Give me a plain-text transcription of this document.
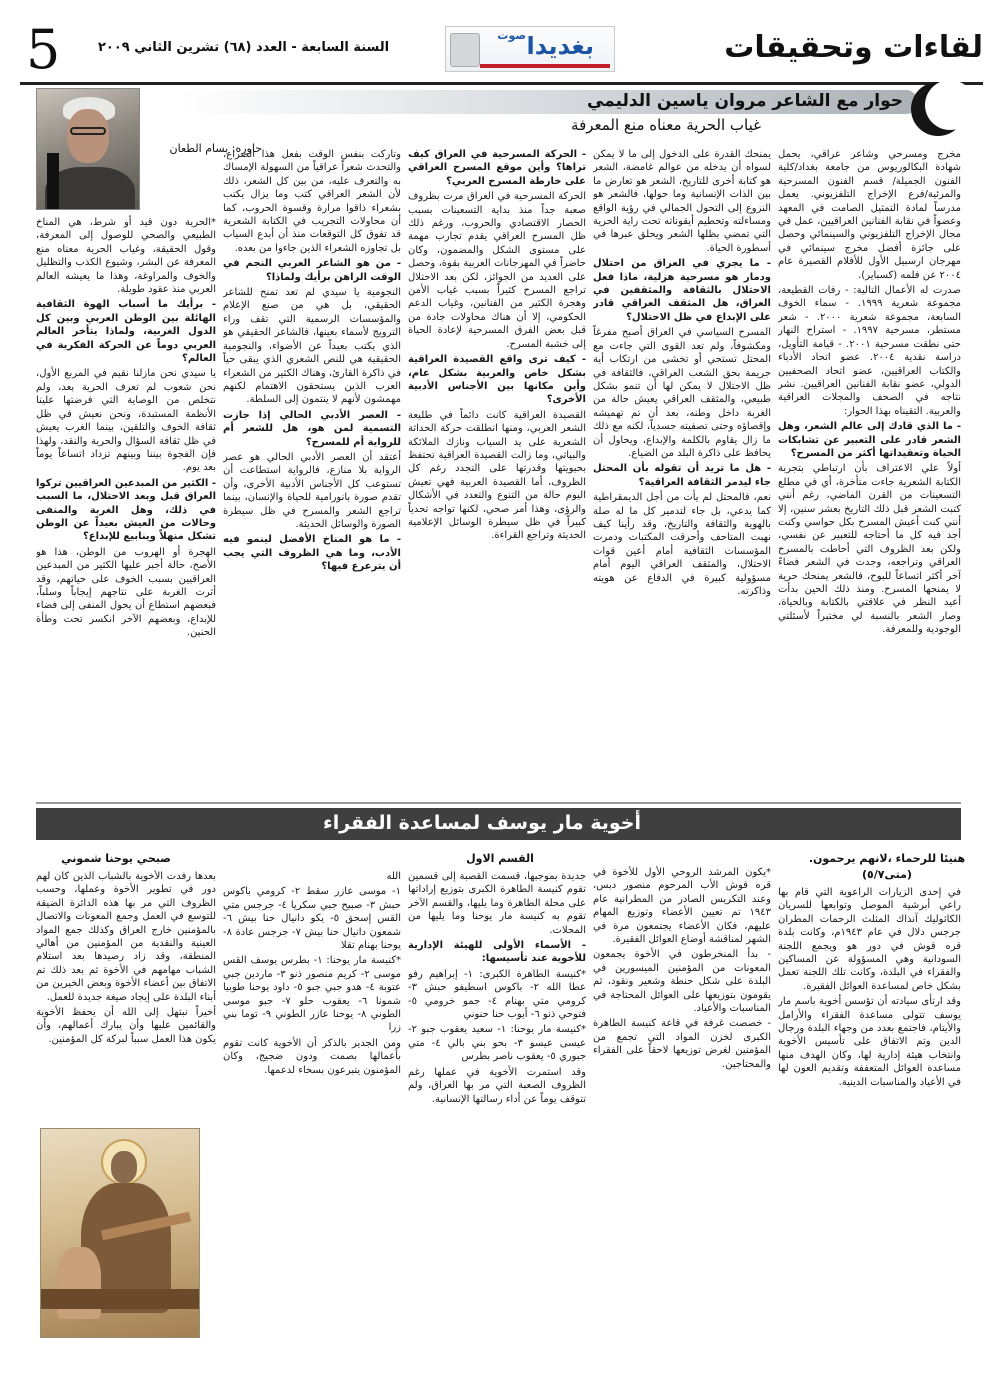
لقاءات وتحقيقات
صوت بغديدا
السنة السابعة - العدد (٦٨) تشرين الثاني ٢٠٠٩
5
حوار مع الشاعر مروان ياسين الدليمي
غياب الحرية معناه منع المعرفة
حاوره: بسام الطعان	مخرج ومسرحي وشاعر عراقي، يحمل شهادة البكالوريوس من جامعة بغداد/كلية الفنون الجميلة/ قسم الفنون المسرحية والمرئية/فرع الإخراج التلفزيوني. يعمل مدرساً لمادة التمثيل الصامت في المعهد وعضواً في نقابة الفنانين العراقيين، عمل في مجال الإخراج التلفزيوني والسينمائي وحصل على جائزة أفضل مخرج سينمائي في مهرجان ارسبيل الأول للأفلام القصيرة عام ٢٠٠٤ عن فلمه (كسباير).

صدرت له الأعمال التالية: - رفات القطيعة، مجموعة شعرية ١٩٩٩. - سماء الخوف السابعة، مجموعة شعرية ٢٠٠٠. - شعر مستطر، مسرحية ١٩٩٧. - استراح النهار حتى نطقت مسرحية ٢٠٠١. - قيامة التأويل، دراسة نقدية ٢٠٠٤. عضو اتحاد الأدباء والكتاب العراقيين، عضو اتحاد الصحفيين الدولي، عضو نقابة الفنانين العراقيين. نشر نتاجه في الصحف والمجلات العراقية والعربية. التقيناه بهذا الحوار:

- ما الذي قادك إلى عالم الشعر، وهل الشعر قادر على التعبير عن تشابكات الحياة وتعقيداتها أكثر من المسرح؟

أولاً علي الاعتراف بأن ارتباطي بتجربة الكتابة الشعرية جاءت متأخرة، أي في مطلع التسعينات من القرن الماضي، رغم أنني كتبت الشعر قبل ذلك التاريخ بعشر سنين، إلا أنني كنت أعيش المسرح بكل حواسي وكنت أجد فيه كل ما أحتاجه للتعبير عن نفسي، ولكن بعد الظروف التي أحاطت بالمسرح العراقي وتراجعه، وجدت في الشعر فضاءً آخر أكثر اتساعاً للبوح، فالشعر يمنحك حرية لا يمنحها المسرح. ومنذ ذلك الحين بدأت أعيد النظر في علاقتي بالكتابة وبالحياة، وصار الشعر بالنسبة لي مختبراً لأسئلتي الوجودية وللمعرفة.

يمنحك القدرة على الدخول إلى ما لا يمكن لسواه أن يدخله من عوالم غامضة، الشعر هو كتابة أخرى للتاريخ، الشعر هو تعارض ما بين الذات الإنسانية وما حولها، فالشعر هو النزوع إلى التحول الجمالي في رؤية الواقع ومساءلته وتحطيم أيقوناته تحت راية الحرية التي تمضي بظلها الشعر ويحلق عبرها في أسطورة الحياة.

- ما يجري في العراق من احتلال ودمار هو مسرحية هزلية، ماذا فعل الاحتلال بالثقافة والمثقفين في العراق، هل المثقف العراقي قادر على الإبداع في ظل الاحتلال؟

المسرح السياسي في العراق أصبح مفرغاً ومكشوفاً، ولم تعد القوى التي جاءت مع المحتل تستحي أو تخشى من ارتكاب أية جريمة بحق الشعب العراقي، فالثقافة في ظل الاحتلال لا يمكن لها أن تنمو بشكل طبيعي، والمثقف العراقي يعيش حالة من الغربة داخل وطنه، بعد أن تم تهميشه وإقصاؤه وحتى تصفيته جسدياً، لكنه مع ذلك ما زال يقاوم بالكلمة والإبداع، ويحاول أن يحافظ على ذاكرة البلد من الضياع.

- هل ما تريد أن تقوله بأن المحتل جاء ليدمر الثقافة العراقية؟

نعم، فالمحتل لم يأت من أجل الديمقراطية كما يدعي، بل جاء لتدمير كل ما له صلة بالهوية والثقافة والتاريخ، وقد رأينا كيف نهبت المتاحف وأحرقت المكتبات ودمرت المؤسسات الثقافية أمام أعين قوات الاحتلال، والمثقف العراقي اليوم أمام مسؤولية كبيرة في الدفاع عن هويته وذاكرته.

- الحركة المسرحية في العراق كيف تراها؟ وأين موقع المسرح العراقي على خارطة المسرح العربي؟

الحركة المسرحية في العراق مرت بظروف صعبة جداً منذ بداية التسعينات بسبب الحصار الاقتصادي والحروب، ورغم ذلك ظل المسرح العراقي يقدم تجارب مهمة على مستوى الشكل والمضمون، وكان حاضراً في المهرجانات العربية بقوة، وحصل على العديد من الجوائز، لكن بعد الاحتلال تراجع المسرح كثيراً بسبب غياب الأمن وهجرة الكثير من الفنانين، وغياب الدعم الحكومي، إلا أن هناك محاولات جادة من قبل بعض الفرق المسرحية لإعادة الحياة إلى خشبة المسرح.

- كيف ترى واقع القصيدة العراقية بشكل خاص والعربية بشكل عام، وأين مكانها بين الأجناس الأدبية الأخرى؟

القصيدة العراقية كانت دائماً في طليعة الشعر العربي، ومنها انطلقت حركة الحداثة الشعرية على يد السياب ونازك الملائكة والبياتي، وما زالت القصيدة العراقية تحتفظ بحيويتها وقدرتها على التجدد رغم كل الظروف، أما القصيدة العربية فهي تعيش اليوم حالة من التنوع والتعدد في الأشكال والرؤى، وهذا أمر صحي، لكنها تواجه تحدياً كبيراً في ظل سيطرة الوسائل الإعلامية الحديثة وتراجع القراءة.

وتاركت بنفس الوقت بفعل هذا الصراع، والتحدث شعراً عراقياً من السهولة الإمساك به والتعرف عليه، من بين كل الشعر، ذلك لأن الشعر العراقي كتب وما يزال يكتب بشعراء ذاقوا مرارة وقسوة الحروب، كما أن محاولات التجريب في الكتابة الشعرية قد تفوق كل التوقعات منذ أن أبدع السياب بل تجاوزه الشعراء الذين جاءوا من بعده.

- من هو الشاعر العربي النجم في الوقت الراهن برأيك ولماذا؟

النجومية يا سيدي لم تعد تمنح للشاعر الحقيقي، بل هي من صنع الإعلام والمؤسسات الرسمية التي تقف وراء الترويج لأسماء بعينها، فالشاعر الحقيقي هو الذي يكتب بعيداً عن الأضواء، والنجومية الحقيقية هي للنص الشعري الذي يبقى حياً في ذاكرة القارئ، وهناك الكثير من الشعراء العرب الذين يستحقون الاهتمام لكنهم مهمشون لأنهم لا ينتمون إلى السلطة.

- العصر الأدبي الحالي إذا جازت التسمية لمن هو، هل للشعر أم للرواية أم للمسرح؟

أعتقد أن العصر الأدبي الحالي هو عصر الرواية بلا منازع، فالرواية استطاعت أن تستوعب كل الأجناس الأدبية الأخرى، وأن تقدم صورة بانورامية للحياة والإنسان، بينما تراجع الشعر والمسرح في ظل سيطرة الصورة والوسائل الحديثة.

- ما هو المناخ الأفضل لينمو فيه الأدب، وما هي الظروف التي يجب أن يترعرع فيها؟

*الحرية دون قيد أو شرط، هي المناخ الطبيعي والصحي للوصول إلى المعرفة، وقول الحقيقة، وغياب الحرية معناه منع المعرفة عن البشر، وشيوع الكذب والتظليل والخوف والمراوغة، وهذا ما يعيشه العالم العربي منذ عقود طويلة.

- برأيك ما أسباب الهوة الثقافية الهائلة بين الوطن العربي وبين كل الدول الغربية، ولماذا يتأخر العالم العربي دوماً عن الحركة الفكرية في العالم؟

يا سيدي نحن مازلنا نقيم في المربع الأول، نحن شعوب لم تعرف الحرية بعد، ولم نتخلص من الوصاية التي فرضتها علينا الأنظمة المستبدة، ونحن نعيش في ظل ثقافة الخوف والتلقين، بينما الغرب يعيش في ظل ثقافة السؤال والحرية والنقد، ولهذا فإن الفجوة بيننا وبينهم تزداد اتساعاً يوماً بعد يوم.

- الكثير من المبدعين العراقيين تركوا العراق قبل وبعد الاحتلال، ما السبب في ذلك، وهل الغربة والمنفى وحالات من العيش بعيداً عن الوطن تشكل منهلاً وينابيع للإبداع؟

الهجرة أو الهروب من الوطن، هذا هو الأصح، حالة أجبر عليها الكثير من المبدعين العراقيين بسبب الخوف على حياتهم، وقد أثرت الغربة على نتاجهم إيجاباً وسلباً، فبعضهم استطاع أن يحول المنفى إلى فضاء للإبداع، وبعضهم الآخر انكسر تحت وطأة الحنين.

أخوية مار يوسف لمساعدة الفقراء
هنيئا للرحماء ،لانهم يرحمون.
(متى٥/٧)
القسم الاول
صبحي يوحنا شموني

في إحدى الزيارات الراعوية التي قام بها راعي أبرشية الموصل وتوابعها للسريان الكاثوليك آنذاك المثلث الرحمات المطران جرجس دلال في عام ١٩٤٣م، وكانت بلدة قره قوش في دور هو ويجمع اللجنة السودانية وهي المسؤولة عن المساكين والفقراء في البلدة، وكانت تلك اللجنة تعمل بشكل خاص لمساعدة العوائل الفقيرة.

وقد ارتأى سيادته أن تؤسس أخوية باسم مار يوسف تتولى مساعدة الفقراء والأرامل والأيتام، فاجتمع بعدد من وجهاء البلدة ورجال الدين وتم الاتفاق على تأسيس الأخوية وانتخاب هيئة إدارية لها، وكان الهدف منها مساعدة العوائل المتعففة وتقديم العون لها في الأعياد والمناسبات الدينية.

*يكون المرشد الروحي الأول للأخوة في قره قوش الأب المرحوم منصور دبس، وعند التكريس الصادر من المطرانية عام ١٩٤٣ تم تعيين الأعضاء وتوزيع المهام عليهم، فكان الأعضاء يجتمعون مرة في الشهر لمناقشة أوضاع العوائل الفقيرة.

- بدأ المنخرطون في الأخوة يجمعون المعونات من المؤمنين الميسورين في البلدة على شكل حنطة وشعير ونقود، ثم يقومون بتوزيعها على العوائل المحتاجة في المناسبات والأعياد.

- خصصت غرفة في قاعة كنيسة الطاهرة الكبرى لخزن المواد التي تجمع من المؤمنين لغرض توزيعها لاحقاً على الفقراء والمحتاجين.

جديدة بموجبها، قسمت القصبة إلى قسمين تقوم كنيسة الطاهرة الكبرى بتوزيع إراداتها على محلة الطاهرة وما يليها، والقسم الآخر تقوم به كنيسة مار يوحنا وما يليها من المحلات.

- الأسماء الأولى للهيئة الإدارية للأخوية عند تأسيسها:

*كنيسة الطاهرة الكبرى: ١- إبراهيم رفو عطا الله ٢- باكوس اسطيفو حبش ٣- كرومي متي بهنام ٤- جمو خرومي ٥- فتوحي ذنو ٦- أيوب حنا حنوني

*كنيسة مار يوحنا: ١- سعيد يعقوب جبو ٢- عيسى عيسو ٣- بحو بني بالي ٤- متي جبوري ٥- يعقوب ناصر بطرس

وقد استمرت الأخوية في عملها رغم الظروف الصعبة التي مر بها العراق، ولم تتوقف يوماً عن أداء رسالتها الإنسانية.

الله

١- موسى عازر سقط ٢- كرومي باكوس حبش ٣- صبيح جبي سكريا ٤- جرجس متي القس إسحق ٥- يكو دانيال حنا بيش ٦- شمعون دانيال حنا بيش ٧- جرجس عادة ٨- يوحنا بهنام تقلا

*كنيسة مار يوحنا: ١- بطرس يوسف القس موسى ٢- كريم منصور ذنو ٣- ماردين جبي عتوبة ٤- هدو جبي جبو ٥- داود يوحنا طوبيا شمونا ٦- يعقوب حلو ٧- جبو موسى الطوني ٨- يوحنا عازر الطوني ٩- توما بني زرا

ومن الجدير بالذكر أن الأخوية كانت تقوم بأعمالها بصمت ودون ضجيج، وكان المؤمنون يتبرعون بسخاء لدعمها.

بعدها رفدت الأخوية بالشباب الذين كان لهم دور في تطوير الأخوة وعملها، وحسب الظروف التي مر بها هذه الدائرة الضيقة للتوسع في العمل وجمع المعونات والاتصال بالمؤمنين خارج العراق وكذلك جمع المواد العينية والنقدية من المؤمنين من أهالي المنطقة، وقد زاد رصيدها بعد استلام الشباب مهامهم في الأخوة ثم بعد ذلك تم الاتفاق بين أعضاء الأخوة وبعض الخيرين من أبناء البلدة على إيجاد صيغة جديدة للعمل.

أخيراً نبتهل إلى الله أن يحفظ الأخوية والقائمين عليها وأن يبارك أعمالهم، وأن يكون هذا العمل سبباً لبركة كل المؤمنين.
